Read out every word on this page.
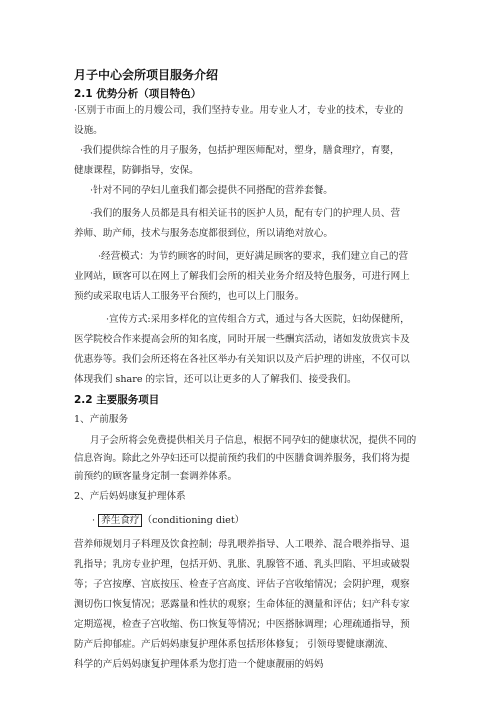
月子中心会所项目服务介绍
2.1 优势分析（项目特色）
·区别于市面上的月嫂公司，我们坚持专业。用专业人才，专业的技术，专业的
设施。
·我们提供综合性的月子服务，包括护理医师配对，塑身，膳食理疗，育婴，
健康课程，防御指导，安保。
·针对不同的孕妇儿童我们都会提供不同搭配的营养套餐。
·我们的服务人员都是具有相关证书的医护人员，配有专门的护理人员、营
养师、助产师，技术与服务态度都很到位，所以请绝对放心。
·经营模式：为节约顾客的时间，更好满足顾客的要求，我们建立自己的营
业网站，顾客可以在网上了解我们会所的相关业务介绍及特色服务，可进行网上
预约或采取电话人工服务平台预约，也可以上门服务。
·宣传方式:采用多样化的宣传组合方式，通过与各大医院，妇幼保健所，
医学院校合作来提高会所的知名度，同时开展一些酬宾活动，诸如发放贵宾卡及
优惠券等。我们会所还将在各社区举办有关知识以及产后护理的讲座，不仅可以
体现我们 share 的宗旨，还可以让更多的人了解我们、接受我们。
2.2 主要服务项目
1、产前服务
月子会所将会免费提供相关月子信息，根据不同孕妇的健康状况，提供不同的
信息咨询。除此之外孕妇还可以提前预约我们的中医膳食调养服务，我们将为提
前预约的顾客量身定制一套调养体系。
2、产后妈妈康复护理体系
· 养生食疗 （conditioning diet）
营养师规划月子料理及饮食控制；母乳喂养指导、人工喂养、混合喂养指导、退
乳指导；乳房专业护理，包括开奶、乳胀、乳腺管不通、乳头凹陷、平坦或破裂
等；子宫按摩、宫底按压、检查子宫高度、评估子宫收缩情况；会阴护理，观察
测切伤口恢复情况；恶露量和性状的观察；生命体征的测量和评估；妇产科专家
定期巡视，检查子宫收缩、伤口恢复等情况；中医搭脉调理；心理疏通指导，预
防产后抑郁症。产后妈妈康复护理体系包括形体修复； 引领母婴健康潮流、
科学的产后妈妈康复护理体系为您打造一个健康靓丽的妈妈
